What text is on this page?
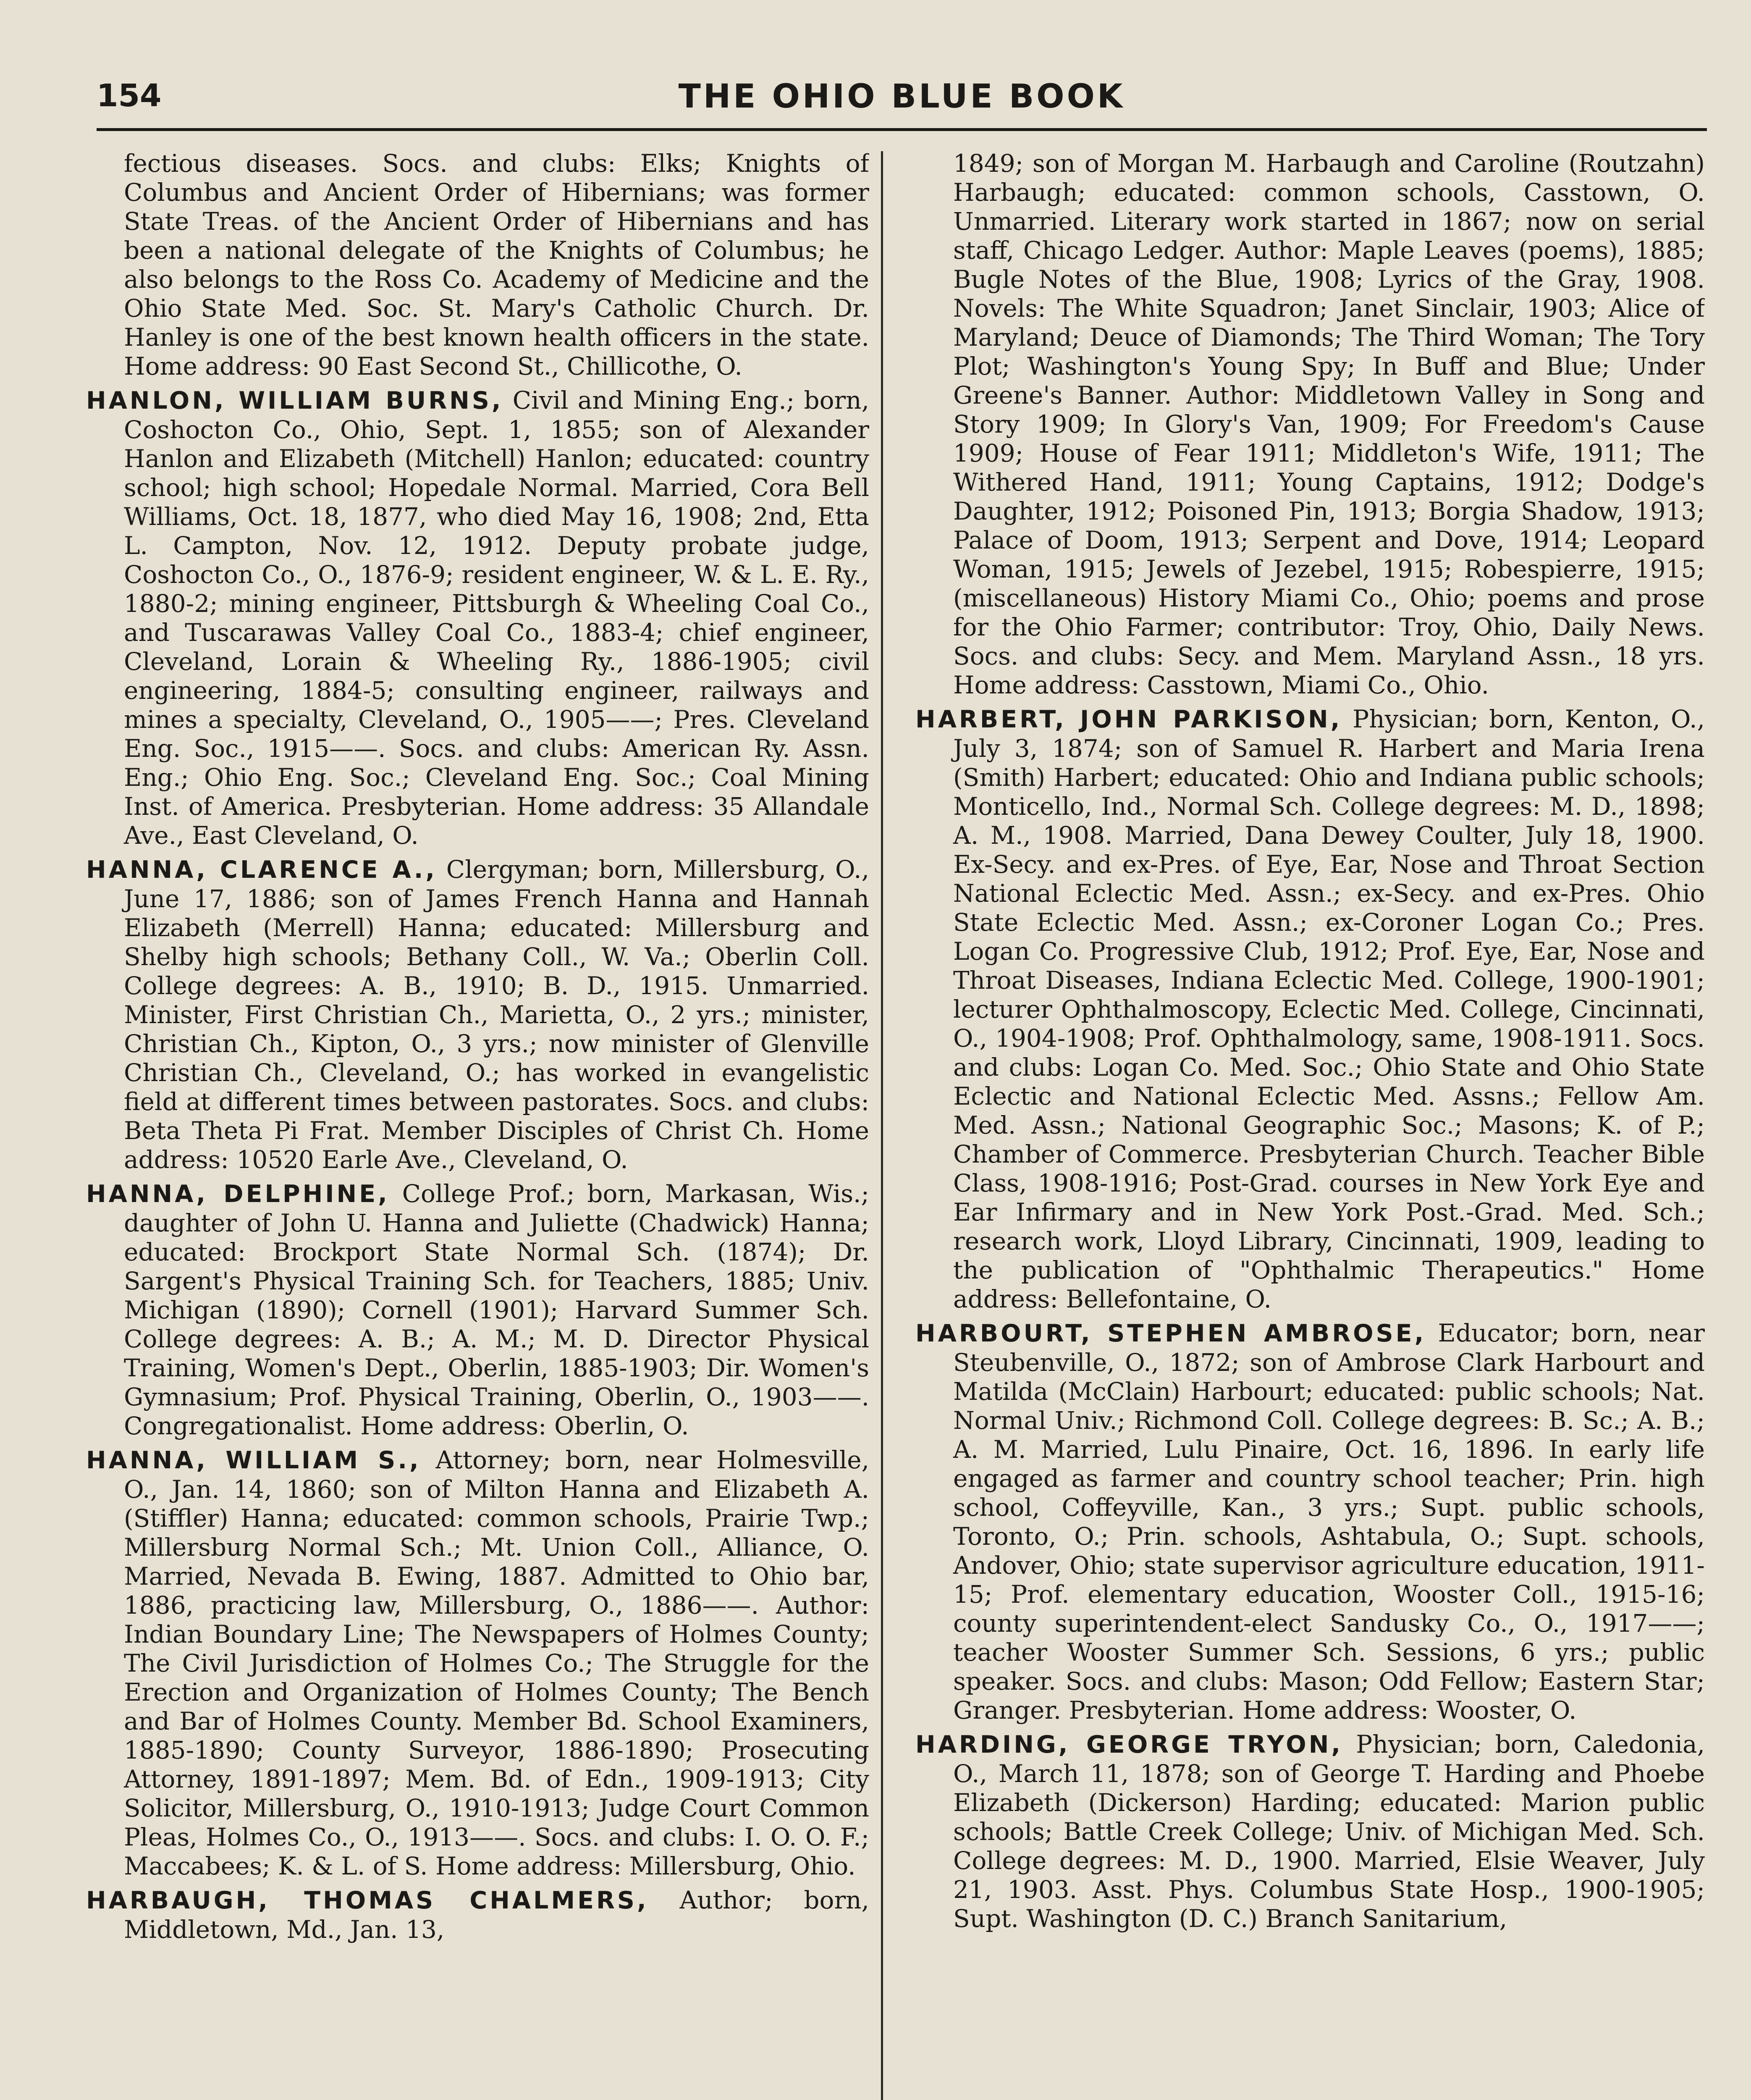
154	THE OHIO BLUE BOOK

fectious diseases. Socs. and clubs: Elks; Knights of Columbus and Ancient Order of Hibernians; was former State Treas. of the Ancient Order of Hibernians and has been a national delegate of the Knights of Columbus; he also belongs to the Ross Co. Academy of Medicine and the Ohio State Med. Soc. St. Mary's Catholic Church. Dr. Hanley is one of the best known health officers in the state. Home address: 90 East Second St., Chillicothe, O.

HANLON, WILLIAM BURNS, Civil and Mining Eng.; born, Coshocton Co., Ohio, Sept. 1, 1855; son of Alexander Hanlon and Elizabeth (Mitchell) Hanlon; educated: country school; high school; Hopedale Normal. Married, Cora Bell Williams, Oct. 18, 1877, who died May 16, 1908; 2nd, Etta L. Campton, Nov. 12, 1912. Deputy probate judge, Coshocton Co., O., 1876-9; resident engineer, W. & L. E. Ry., 1880-2; mining engineer, Pittsburgh & Wheeling Coal Co., and Tuscarawas Valley Coal Co., 1883-4; chief engineer, Cleveland, Lorain & Wheeling Ry., 1886-1905; civil engineering, 1884-5; consulting engineer, railways and mines a specialty, Cleveland, O., 1905——; Pres. Cleveland Eng. Soc., 1915——. Socs. and clubs: American Ry. Assn. Eng.; Ohio Eng. Soc.; Cleveland Eng. Soc.; Coal Mining Inst. of America. Presbyterian. Home address: 35 Allandale Ave., East Cleveland, O.

HANNA, CLARENCE A., Clergyman; born, Millersburg, O., June 17, 1886; son of James French Hanna and Hannah Elizabeth (Merrell) Hanna; educated: Millersburg and Shelby high schools; Bethany Coll., W. Va.; Oberlin Coll. College degrees: A. B., 1910; B. D., 1915. Unmarried. Minister, First Christian Ch., Marietta, O., 2 yrs.; minister, Christian Ch., Kipton, O., 3 yrs.; now minister of Glenville Christian Ch., Cleveland, O.; has worked in evangelistic field at different times between pastorates. Socs. and clubs: Beta Theta Pi Frat. Member Disciples of Christ Ch. Home address: 10520 Earle Ave., Cleveland, O.

HANNA, DELPHINE, College Prof.; born, Markasan, Wis.; daughter of John U. Hanna and Juliette (Chadwick) Hanna; educated: Brockport State Normal Sch. (1874); Dr. Sargent's Physical Training Sch. for Teachers, 1885; Univ. Michigan (1890); Cornell (1901); Harvard Summer Sch. College degrees: A. B.; A. M.; M. D. Director Physical Training, Women's Dept., Oberlin, 1885-1903; Dir. Women's Gymnasium; Prof. Physical Training, Oberlin, O., 1903——. Congregationalist. Home address: Oberlin, O.

HANNA, WILLIAM S., Attorney; born, near Holmesville, O., Jan. 14, 1860; son of Milton Hanna and Elizabeth A. (Stiffler) Hanna; educated: common schools, Prairie Twp.; Millersburg Normal Sch.; Mt. Union Coll., Alliance, O. Married, Nevada B. Ewing, 1887. Admitted to Ohio bar, 1886, practicing law, Millersburg, O., 1886——. Author: Indian Boundary Line; The Newspapers of Holmes County; The Civil Jurisdiction of Holmes Co.; The Struggle for the Erection and Organization of Holmes County; The Bench and Bar of Holmes County. Member Bd. School Examiners, 1885-1890; County Surveyor, 1886-1890; Prosecuting Attorney, 1891-1897; Mem. Bd. of Edn., 1909-1913; City Solicitor, Millersburg, O., 1910-1913; Judge Court Common Pleas, Holmes Co., O., 1913——. Socs. and clubs: I. O. O. F.; Maccabees; K. & L. of S. Home address: Millersburg, Ohio.

HARBAUGH, THOMAS CHALMERS, Author; born, Middletown, Md., Jan. 13,

1849; son of Morgan M. Harbaugh and Caroline (Routzahn) Harbaugh; educated: common schools, Casstown, O. Unmarried. Literary work started in 1867; now on serial staff, Chicago Ledger. Author: Maple Leaves (poems), 1885; Bugle Notes of the Blue, 1908; Lyrics of the Gray, 1908. Novels: The White Squadron; Janet Sinclair, 1903; Alice of Maryland; Deuce of Diamonds; The Third Woman; The Tory Plot; Washington's Young Spy; In Buff and Blue; Under Greene's Banner. Author: Middletown Valley in Song and Story 1909; In Glory's Van, 1909; For Freedom's Cause 1909; House of Fear 1911; Middleton's Wife, 1911; The Withered Hand, 1911; Young Captains, 1912; Dodge's Daughter, 1912; Poisoned Pin, 1913; Borgia Shadow, 1913; Palace of Doom, 1913; Serpent and Dove, 1914; Leopard Woman, 1915; Jewels of Jezebel, 1915; Robespierre, 1915; (miscellaneous) History Miami Co., Ohio; poems and prose for the Ohio Farmer; contributor: Troy, Ohio, Daily News. Socs. and clubs: Secy. and Mem. Maryland Assn., 18 yrs. Home address: Casstown, Miami Co., Ohio.

HARBERT, JOHN PARKISON, Physician; born, Kenton, O., July 3, 1874; son of Samuel R. Harbert and Maria Irena (Smith) Harbert; educated: Ohio and Indiana public schools; Monticello, Ind., Normal Sch. College degrees: M. D., 1898; A. M., 1908. Married, Dana Dewey Coulter, July 18, 1900. Ex-Secy. and ex-Pres. of Eye, Ear, Nose and Throat Section National Eclectic Med. Assn.; ex-Secy. and ex-Pres. Ohio State Eclectic Med. Assn.; ex-Coroner Logan Co.; Pres. Logan Co. Progressive Club, 1912; Prof. Eye, Ear, Nose and Throat Diseases, Indiana Eclectic Med. College, 1900-1901; lecturer Ophthalmoscopy, Eclectic Med. College, Cincinnati, O., 1904-1908; Prof. Ophthalmology, same, 1908-1911. Socs. and clubs: Logan Co. Med. Soc.; Ohio State and Ohio State Eclectic and National Eclectic Med. Assns.; Fellow Am. Med. Assn.; National Geographic Soc.; Masons; K. of P.; Chamber of Commerce. Presbyterian Church. Teacher Bible Class, 1908-1916; Post-Grad. courses in New York Eye and Ear Infirmary and in New York Post.-Grad. Med. Sch.; research work, Lloyd Library, Cincinnati, 1909, leading to the publication of "Ophthalmic Therapeutics." Home address: Bellefontaine, O.

HARBOURT, STEPHEN AMBROSE, Educator; born, near Steubenville, O., 1872; son of Ambrose Clark Harbourt and Matilda (McClain) Harbourt; educated: public schools; Nat. Normal Univ.; Richmond Coll. College degrees: B. Sc.; A. B.; A. M. Married, Lulu Pinaire, Oct. 16, 1896. In early life engaged as farmer and country school teacher; Prin. high school, Coffeyville, Kan., 3 yrs.; Supt. public schools, Toronto, O.; Prin. schools, Ashtabula, O.; Supt. schools, Andover, Ohio; state supervisor agriculture education, 1911-15; Prof. elementary education, Wooster Coll., 1915-16; county superintendent-elect Sandusky Co., O., 1917——; teacher Wooster Summer Sch. Sessions, 6 yrs.; public speaker. Socs. and clubs: Mason; Odd Fellow; Eastern Star; Granger. Presbyterian. Home address: Wooster, O.

HARDING, GEORGE TRYON, Physician; born, Caledonia, O., March 11, 1878; son of George T. Harding and Phoebe Elizabeth (Dickerson) Harding; educated: Marion public schools; Battle Creek College; Univ. of Michigan Med. Sch. College degrees: M. D., 1900. Married, Elsie Weaver, July 21, 1903. Asst. Phys. Columbus State Hosp., 1900-1905; Supt. Washington (D. C.) Branch Sanitarium,
